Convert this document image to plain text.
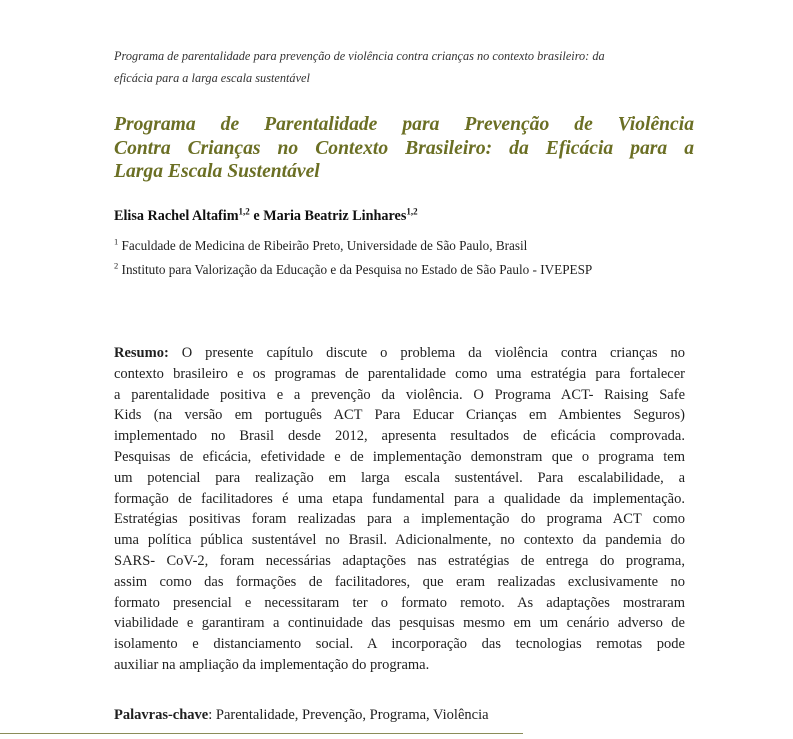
Programa de parentalidade para prevenção de violência contra crianças no contexto brasileiro: da
eficácia para a larga escala sustentável
Programa de Parentalidade para Prevenção de Violência
Contra Crianças no Contexto Brasileiro: da Eficácia para a
Larga Escala Sustentável
Elisa Rachel Altafim$^{1,2}$ e Maria Beatriz Linhares$^{1,2}$
$^1$ Faculdade de Medicina de Ribeirão Preto, Universidade de São Paulo, Brasil
$^2$ Instituto para Valorização da Educação e da Pesquisa no Estado de São Paulo - IVEPESP
Resumo: O presente capítulo discute o problema da violência contra crianças no
contexto brasileiro e os programas de parentalidade como uma estratégia para fortalecer
a parentalidade positiva e a prevenção da violência. O Programa ACT- Raising Safe
Kids (na versão em português ACT Para Educar Crianças em Ambientes Seguros)
implementado no Brasil desde 2012, apresenta resultados de eficácia comprovada.
Pesquisas de eficácia, efetividade e de implementação demonstram que o programa tem
um potencial para realização em larga escala sustentável. Para escalabilidade, a
formação de facilitadores é uma etapa fundamental para a qualidade da implementação.
Estratégias positivas foram realizadas para a implementação do programa ACT como
uma política pública sustentável no Brasil. Adicionalmente, no contexto da pandemia do
SARS- CoV-2, foram necessárias adaptações nas estratégias de entrega do programa,
assim como das formações de facilitadores, que eram realizadas exclusivamente no
formato presencial e necessitaram ter o formato remoto. As adaptações mostraram
viabilidade e garantiram a continuidade das pesquisas mesmo em um cenário adverso de
isolamento e distanciamento social. A incorporação das tecnologias remotas pode
auxiliar na ampliação da implementação do programa.
Palavras-chave: Parentalidade, Prevenção, Programa, Violência
